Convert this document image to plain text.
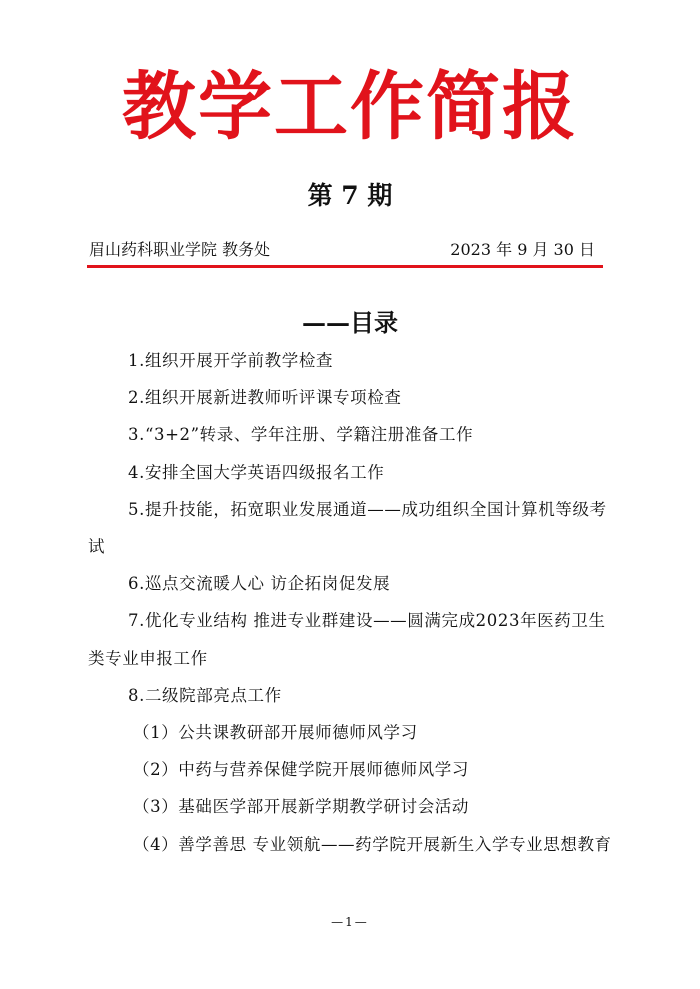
教学工作简报
第 7 期
眉山药科职业学院 教务处	2023 年 9 月 30 日
——目录
1.组织开展开学前教学检查
2.组织开展新进教师听评课专项检查
3.“3+2”转录、学年注册、学籍注册准备工作
4.安排全国大学英语四级报名工作
5.提升技能，拓宽职业发展通道——成功组织全国计算机等级考试
6.巡点交流暖人心 访企拓岗促发展
7.优化专业结构 推进专业群建设——圆满完成2023年医药卫生类专业申报工作
8.二级院部亮点工作
（1）公共课教研部开展师德师风学习
（2）中药与营养保健学院开展师德师风学习
（3）基础医学部开展新学期教学研讨会活动
（4）善学善思 专业领航——药学院开展新生入学专业思想教育
—1—
